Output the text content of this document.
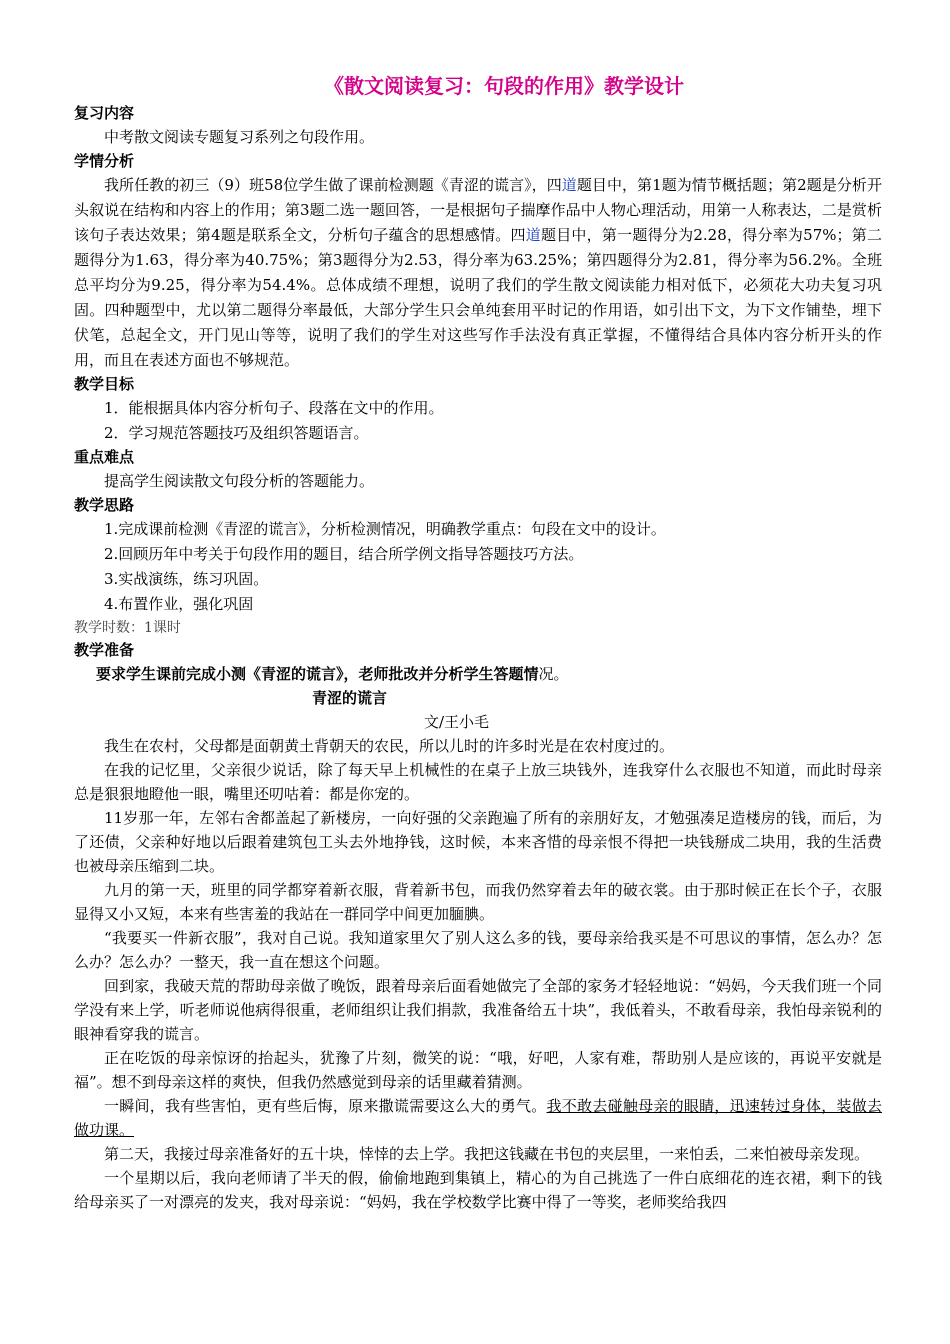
《散文阅读复习：句段的作用》教学设计
复习内容
中考散文阅读专题复习系列之句段作用。
学情分析
我所任教的初三（9）班58位学生做了课前检测题《青涩的谎言》，四道题目中，第1题为情节概括题；第2题是分析开头叙说在结构和内容上的作用；第3题二选一题回答，一是根据句子揣摩作品中人物心理活动，用第一人称表达，二是赏析该句子表达效果；第4题是联系全文，分析句子蕴含的思想感情。四道题目中，第一题得分为2.28，得分率为57%；第二题得分为1.63，得分率为40.75%；第3题得分为2.53，得分率为63.25%；第四题得分为2.81，得分率为56.2%。全班总平均分为9.25，得分率为54.4%。总体成绩不理想，说明了我们的学生散文阅读能力相对低下，必须花大功夫复习巩固。四种题型中，尤以第二题得分率最低，大部分学生只会单纯套用平时记的作用语，如引出下文，为下文作铺垫，埋下伏笔，总起全文，开门见山等等，说明了我们的学生对这些写作手法没有真正掌握，不懂得结合具体内容分析开头的作用，而且在表述方面也不够规范。
教学目标
1．能根据具体内容分析句子、段落在文中的作用。
2．学习规范答题技巧及组织答题语言。
重点难点
提高学生阅读散文句段分析的答题能力。
教学思路
1.完成课前检测《青涩的谎言》，分析检测情况，明确教学重点：句段在文中的设计。
2.回顾历年中考关于句段作用的题目，结合所学例文指导答题技巧方法。
3.实战演练，练习巩固。
4.布置作业，强化巩固
教学时数：1课时
教学准备
要求学生课前完成小测《青涩的谎言》，老师批改并分析学生答题情况。
青涩的谎言
文/王小毛
我生在农村，父母都是面朝黄土背朝天的农民，所以儿时的许多时光是在农村度过的。
在我的记忆里，父亲很少说话，除了每天早上机械性的在桌子上放三块钱外，连我穿什么衣服也不知道，而此时母亲总是狠狠地瞪他一眼，嘴里还叨咕着：都是你宠的。
11岁那一年，左邻右舍都盖起了新楼房，一向好强的父亲跑遍了所有的亲朋好友，才勉强凑足造楼房的钱，而后，为了还债，父亲种好地以后跟着建筑包工头去外地挣钱，这时候，本来吝惜的母亲恨不得把一块钱掰成二块用，我的生活费也被母亲压缩到二块。
九月的第一天，班里的同学都穿着新衣服，背着新书包，而我仍然穿着去年的破衣裳。由于那时候正在长个子，衣服显得又小又短，本来有些害羞的我站在一群同学中间更加腼腆。
“我要买一件新衣服”，我对自己说。我知道家里欠了别人这么多的钱，要母亲给我买是不可思议的事情，怎么办？怎么办？怎么办？一整天，我一直在想这个问题。
回到家，我破天荒的帮助母亲做了晚饭，跟着母亲后面看她做完了全部的家务才轻轻地说：“妈妈，今天我们班一个同学没有来上学，听老师说他病得很重，老师组织让我们捐款，我准备给五十块”，我低着头，不敢看母亲，我怕母亲锐利的眼神看穿我的谎言。
正在吃饭的母亲惊讶的抬起头，犹豫了片刻，微笑的说：“哦，好吧，人家有难，帮助别人是应该的，再说平安就是福”。想不到母亲这样的爽快，但我仍然感觉到母亲的话里藏着猜测。
一瞬间，我有些害怕，更有些后悔，原来撒谎需要这么大的勇气。我不敢去碰触母亲的眼睛，迅速转过身体，装做去做功课。
第二天，我接过母亲准备好的五十块，悻悻的去上学。我把这钱藏在书包的夹层里，一来怕丢，二来怕被母亲发现。
一个星期以后，我向老师请了半天的假，偷偷地跑到集镇上，精心的为自己挑选了一件白底细花的连衣裙，剩下的钱给母亲买了一对漂亮的发夹，我对母亲说：“妈妈，我在学校数学比赛中得了一等奖，老师奖给我四
